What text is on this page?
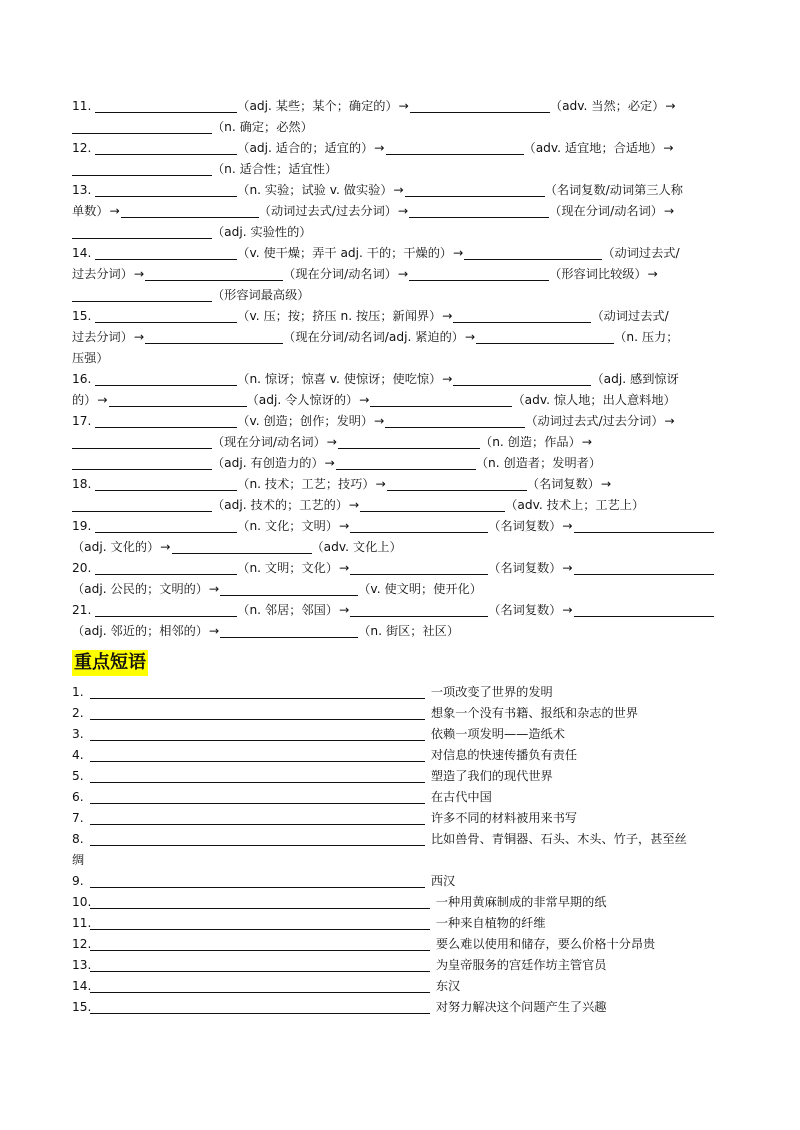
11.	（adj. 某些；某个；确定的）→	（adv. 当然；必定）→
（n. 确定；必然）
12.	（adj. 适合的；适宜的）→	（adv. 适宜地；合适地）→
（n. 适合性；适宜性）
13.	（n. 实验；试验 v. 做实验）→	（名词复数/动词第三人称
单数）→	（动词过去式/过去分词）→	（现在分词/动名词）→
（adj. 实验性的）
14.	（v. 使干燥；弄干 adj. 干的；干燥的）→	（动词过去式/
过去分词）→	（现在分词/动名词）→	（形容词比较级）→
（形容词最高级）
15.	（v. 压；按；挤压 n. 按压；新闻界）→	（动词过去式/
过去分词）→	（现在分词/动名词/adj. 紧迫的）→	（n. 压力；
压强）
16.	（n. 惊讶；惊喜 v. 使惊讶；使吃惊）→	（adj. 感到惊讶
的）→	（adj. 令人惊讶的）→	（adv. 惊人地；出人意料地）
17.	（v. 创造；创作；发明）→	（动词过去式/过去分词）→
（现在分词/动名词）→	（n. 创造；作品）→
（adj. 有创造力的）→	（n. 创造者；发明者）
18.	（n. 技术；工艺；技巧）→	（名词复数）→
（adj. 技术的；工艺的）→	（adv. 技术上；工艺上）
19.	（n. 文化；文明）→	（名词复数）→
（adj. 文化的）→	（adv. 文化上）
20.	（n. 文明；文化）→	（名词复数）→
（adj. 公民的；文明的）→	（v. 使文明；使开化）
21.	（n. 邻居；邻国）→	（名词复数）→
（adj. 邻近的；相邻的）→	（n. 街区；社区）
重点短语
1.	一项改变了世界的发明
2.	想象一个没有书籍、报纸和杂志的世界
3.	依赖一项发明——造纸术
4.	对信息的快速传播负有责任
5.	塑造了我们的现代世界
6.	在古代中国
7.	许多不同的材料被用来书写
8.	比如兽骨、青铜器、石头、木头、竹子，甚至丝
绸
9.	西汉
10.	一种用黄麻制成的非常早期的纸
11.	一种来自植物的纤维
12.	要么难以使用和储存，要么价格十分昂贵
13.	为皇帝服务的宫廷作坊主管官员
14.	东汉
15.	对努力解决这个问题产生了兴趣
